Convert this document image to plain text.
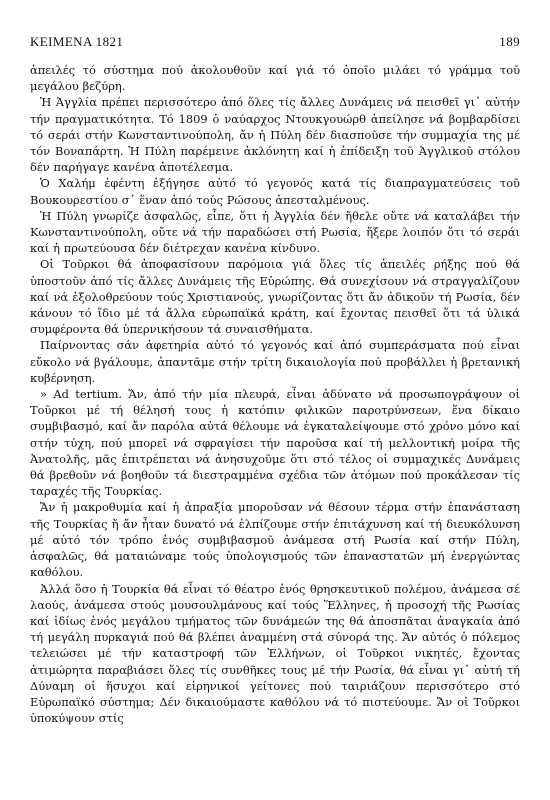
ΚΕΙΜΕΝΑ 1821	189

ἀπειλές τό σύστημα πού ἀκολουθοῦν καί γιά τό ὁποῖο μιλάει τό γράμμα τοῦ μεγάλου βεζύρη.

Ἡ Ἀγγλία πρέπει περισσότερο ἀπό ὅλες τίς ἄλλες Δυνάμεις νά πεισθεῖ γι᾽ αὐτήν τήν πραγματικότητα. Τό 1809 ὁ ναύαρχος Ντουκγουώρθ ἀπείλησε νά βομβαρδίσει τό σεράι στήν Κωνσταντινούπολη, ἄν ἡ Πύλη δέν διασποῦσε τήν συμμαχία της μέ τόν Βοναπάρτη. Ἡ Πύλη παρέμεινε ἀκλόνητη καί ἡ ἐπίδειξη τοῦ Ἀγγλικοῦ στόλου δέν παρήγαγε κανένα ἀποτέλεσμα.

Ὁ Χαλήμ ἐφέντη ἐξήγησε αὐτό τό γεγονός κατά τίς διαπραγματεύσεις τοῦ Βουκουρεστίου σ᾽ ἕναν ἀπό τούς Ρώσους ἀπεσταλμένους.

Ἡ Πύλη γνωρίζε ἀσφαλῶς, εἶπε, ὅτι ἡ Ἀγγλία δέν ἤθελε οὔτε νά καταλάβει τήν Κωνσταντινούπολη, οὔτε νά τήν παραδώσει στή Ρωσία, ἤξερε λοιπόν ὅτι τό σεράι καί ἡ πρωτεύουσα δέν διέτρεχαν κανένα κίνδυνο.

Οἱ Τοῦρκοι θά ἀποφασίσουν παρόμοια γιά ὅλες τίς ἀπειλές ρήξης πού θά ὑποστοῦν ἀπό τίς ἄλλες Δυνάμεις τῆς Εὐρώπης. Θά συνεχίσουν νά στραγγαλίζουν καί νά ἐξολοθρεύουν τούς Χριστιανούς, γνωρίζοντας ὅτι ἄν ἀδικοῦν τή Ρωσία, δέν κάνουν τό ἴδιο μέ τά ἄλλα εὐρωπαϊκά κράτη, καί ἔχοντας πεισθεῖ ὅτι τά ὑλικά συμφέροντα θά ὑπερνικήσουν τά συναισθήματα.

Παίρνοντας σάν ἀφετηρία αὐτό τό γεγονός καί ἀπό συμπεράσματα πού εἶναι εὔκολο νά βγάλουμε, ἀπαντᾶμε στήν τρίτη δικαιολογία πού προβάλλει ἡ βρετανική κυβέρνηση.

» Ad tertium. Ἄν, ἀπό τήν μία πλευρά, εἶναι ἀδύνατο νά προσωπογράψουν οἱ Τοῦρκοι μέ τή θέλησή τους ἡ κατόπιν φιλικῶν παροτρύνσεων, ἕνα δίκαιο συμβιβασμό, καί ἄν παρόλα αὐτά θέλουμε νά ἐγκαταλείψουμε στό χρόνο μόνο καί στήν τύχη, πού μπορεῖ νά σφραγίσει τήν παροῦσα καί τή μελλοντική μοίρα τῆς Ἀνατολῆς, μᾶς ἐπιτρέπεται νά ἀνησυχοῦμε ὅτι στό τέλος οἱ συμμαχικές Δυνάμεις θά βρεθοῦν νά βοηθοῦν τά διεστραμμένα σχέδια τῶν ἀτόμων πού προκάλεσαν τίς ταραχές τῆς Τουρκίας.

Ἄν ἡ μακροθυμία καί ἡ ἀπραξία μποροῦσαν νά θέσουν τέρμα στήν ἐπανάσταση τῆς Τουρκίας ἤ ἄν ἦταν δυνατό νά ἐλπίζουμε στήν ἐπιτάχυνση καί τή διευκόλυνση μέ αὐτό τόν τρόπο ἑνός συμβιβασμοῦ ἀνάμεσα στή Ρωσία καί στήν Πύλη, ἀσφαλῶς, θά ματαιώναμε τούς ὑπολογισμούς τῶν ἐπαναστατῶν μή ἐνεργώντας καθόλου.

Ἀλλά ὅσο ἡ Τουρκία θά εἶναι τό θέατρο ἑνός θρησκευτικοῦ πολέμου, ἀνάμεσα σέ λαούς, ἀνάμεσα στούς μουσουλμάνους καί τούς Ἕλληνες, ἡ προσοχή τῆς Ρωσίας καί ἰδίως ἑνός μεγάλου τμήματος τῶν δυνάμεών της θά ἀποσπᾶται ἀναγκαία ἀπό τή μεγάλη πυρκαγιά πού θά βλέπει ἀναμμένη στά σύνορά της. Ἄν αὐτός ὁ πόλεμος τελειώσει μέ τήν καταστροφή τῶν Ἑλλήνων, οἱ Τοῦρκοι νικητές, ἔχοντας ἀτιμώρητα παραβιάσει ὅλες τίς συνθῆκες τους μέ τήν Ρωσία, θά εἶναι γι᾽ αὐτή τή Δύναμη οἱ ἥσυχοι καί εἰρηνικοί γείτονες πού ταιριάζουν περισσότερο στό Εὐρωπαϊκό σύστημα; Δέν δικαιούμαστε καθόλου νά τό πιστεύουμε. Ἄν οἱ Τοῦρκοι ὑποκύψουν στίς
